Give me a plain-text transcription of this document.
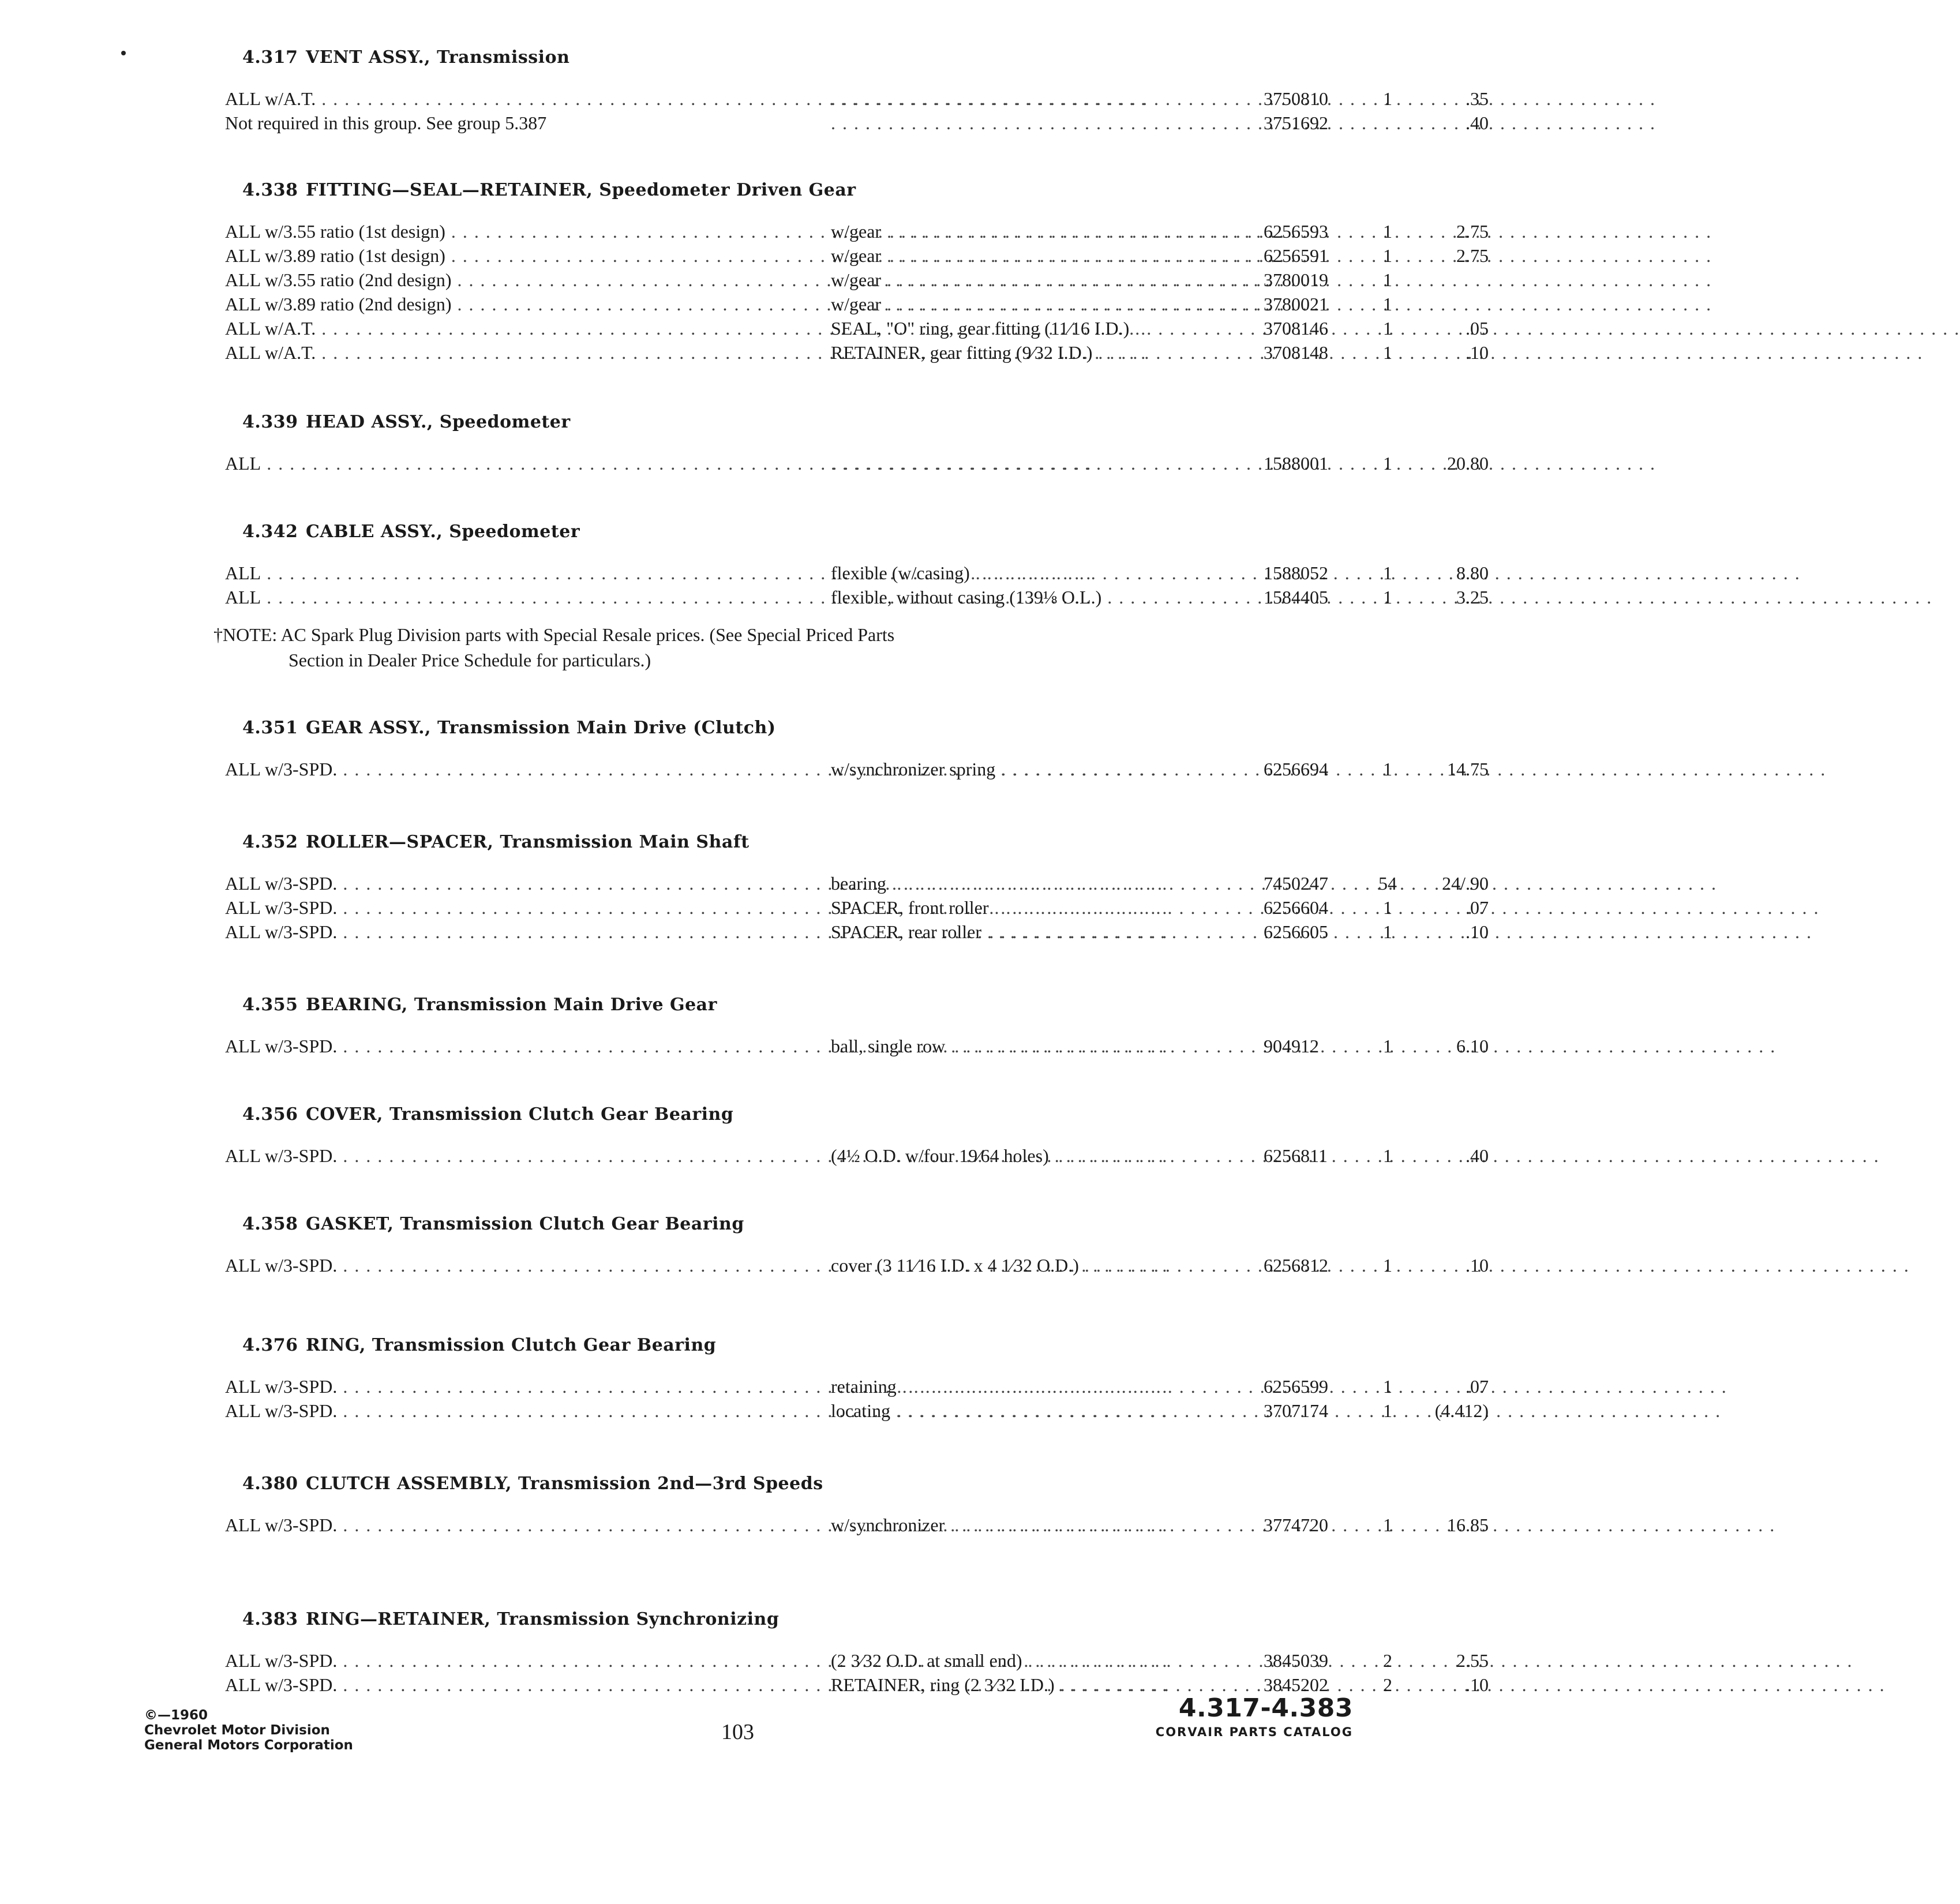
4.317 VENT ASSY., Transmission
ALL w/A.T. . . . . . .	3750810	1	.35
Not required in this group. See group 5.387 . . .	3751692	.40
4.338 FITTING—SEAL—RETAINER, Speedometer Driven Gear
ALL w/3.55 ratio (1st design) . . .	w/gear . . .	6256593	1	2.75
ALL w/3.89 ratio (1st design) . . .	w/gear . . .	6256591	1	2.75
ALL w/3.55 ratio (2nd design) . . .	w/gear . . .	3780019	1
ALL w/3.89 ratio (2nd design) . . .	w/gear . . .	3780021	1
ALL w/A.T. . . .	SEAL, "O" ring, gear fitting (11⁄16 I.D.) . . .	3708146	1	.05
ALL w/A.T. . . .	RETAINER, gear fitting (9⁄32 I.D.) . . .	3708148	1	.10
4.339 HEAD ASSY., Speedometer
ALL . . . . . .	1588001	1	20.80
4.342 CABLE ASSY., Speedometer
ALL . . .	flexible (w/casing) . . .	1588052	1	8.80
ALL . . .	flexible, without casing (139⅛ O.L.) . . .	1584405	1	3.25
4.351 GEAR ASSY., Transmission Main Drive (Clutch)
ALL w/3-SPD. . . .	w/synchronizer spring . . .	6256694	1	14.75
4.352 ROLLER—SPACER, Transmission Main Shaft
ALL w/3-SPD. . . .	bearing . . .	7450247	54	24/.90
ALL w/3-SPD. . . .	SPACER, front roller . . .	6256604	1	.07
ALL w/3-SPD. . . .	SPACER, rear roller . . .	6256605	1	.10
4.355 BEARING, Transmission Main Drive Gear
ALL w/3-SPD. . . .	ball, single row . . .	904912	1	6.10
4.356 COVER, Transmission Clutch Gear Bearing
ALL w/3-SPD. . . .	(4½ O.D. w/four 19⁄64 holes) . . .	6256811	1	.40
4.358 GASKET, Transmission Clutch Gear Bearing
ALL w/3-SPD. . . .	cover (3 11⁄16 I.D. x 4 1⁄32 O.D.) . . .	6256812	1	.10
4.376 RING, Transmission Clutch Gear Bearing
ALL w/3-SPD. . . .	retaining . . .	6256599	1	.07
ALL w/3-SPD. . . .	locating . . .	3707174	1	(4.412)
4.380 CLUTCH ASSEMBLY, Transmission 2nd—3rd Speeds
ALL w/3-SPD. . . .	w/synchronizer . . .	3774720	1	16.85
4.383 RING—RETAINER, Transmission Synchronizing
ALL w/3-SPD. . . .	(2 3⁄32 O.D. at small end) . . .	3845039	2	2.55
ALL w/3-SPD. . . .	RETAINER, ring (2 3⁄32 I.D.) . . .	3845202	2	.10
†NOTE: AC Spark Plug Division parts with Special Resale prices. (See Special Priced Parts
Section in Dealer Price Schedule for particulars.)
©—1960
Chevrolet Motor Division
General Motors Corporation
103
4.317-4.383
CORVAIR PARTS CATALOG
